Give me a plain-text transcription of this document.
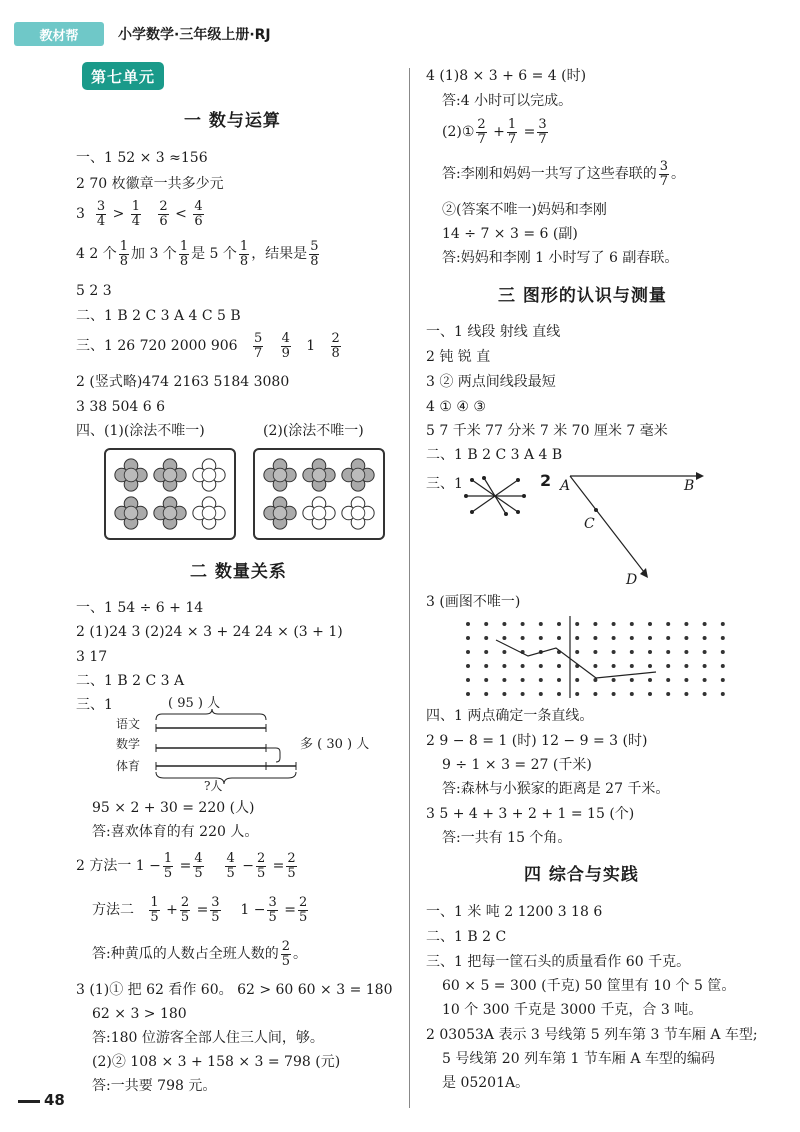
教材帮	小学数学·三年级上册·RJ
第七单元
一 数与运算
一、1 52 × 3 ≈156
2 70 枚徽章一共多少元
$3 \frac{3}{4} > \frac{1}{4}$
$\frac{2}{6} < \frac{4}{6}$
4 2 个 $\frac{1}{8}$ 加 3 个 $\frac{1}{8}$ 是 5 个 $\frac{1}{8}$ ，结果是 $\frac{5}{8}$
5 2 3
二、1 B 2 C 3 A 4 C 5 B
三、1 26 720 2000 $906 \frac{5}{7}$
$\frac{4}{9} 1 \frac{2}{8}$
2 (竖式略)474 2163 5184 3080
3 38 504 6 6
四、(1)(涂法不唯一)	(2)(涂法不唯一)
二 数量关系
一、1 54 ÷ 6 + 14
2 (1)24 3 (2)24 × 3 + 24 24 × (3 + 1)
3 17
二、1 B 2 C 3 A
三、1	( 95 ) 人
语文
数学
体育
多 ( 30 ) 人
?人
95 × 2 + 30 = 220 (人)
答:喜欢体育的有 220 人。
2 方法一 $1 - \frac{1}{5} = \frac{4}{5}$
$\frac{4}{5} - \frac{2}{5} = \frac{2}{5}$
方法二 $\frac{1}{5} + \frac{2}{5} = \frac{3}{5} 1 - \frac{3}{5} = \frac{2}{5}$
答:种黄瓜的人数占全班人数的 $\frac{2}{5}$ 。
3 (1)① 把 62 看作 60。 62 > 60 60 × 3 = 180
62 × 3 > 180
答:180 位游客全部人住三人间，够。
(2)② 108 × 3 + 158 × 3 = 798 (元)
答:一共要 798 元。
48
4 (1)8 × 3 + 6 = 4 (时)
答:4 小时可以完成。
(2)① $\frac{2}{7} + \frac{1}{7} = \frac{3}{7}$
答:李刚和妈妈一共写了这些春联的 $\frac{3}{7}$ 。
②(答案不唯一)妈妈和李刚
14 ÷ 7 × 3 = 6 (副)
答:妈妈和李刚 1 小时写了 6 副春联。
三 图形的认识与测量
一、1 线段 射线 直线
2 钝 锐 直
3 ② 两点间线段最短
4 ① ④ ③
5 7 千米 77 分米 7 米 70 厘米 7 毫米
二、1 B 2 C 3 A 4 B
三、1	2 A	B
C
D
3 (画图不唯一)
四、1 两点确定一条直线。
2 9 − 8 = 1 (时) 12 − 9 = 3 (时)
9 ÷ 1 × 3 = 27 (千米)
答:森林与小猴家的距离是 27 千米。
3 5 + 4 + 3 + 2 + 1 = 15 (个)
答:一共有 15 个角。
四 综合与实践
一、1 米 吨 2 1200 3 18 6
二、1 B 2 C
三、1 把每一筐石头的质量看作 60 千克。
60 × 5 = 300 (千克) 50 筐里有 10 个 5 筐。
10 个 300 千克是 3000 千克，合 3 吨。
2 03053A 表示 3 号线第 5 列车第 3 节车厢 A 车型;
5 号线第 20 列车第 1 节车厢 A 车型的编码
是 05201A。
